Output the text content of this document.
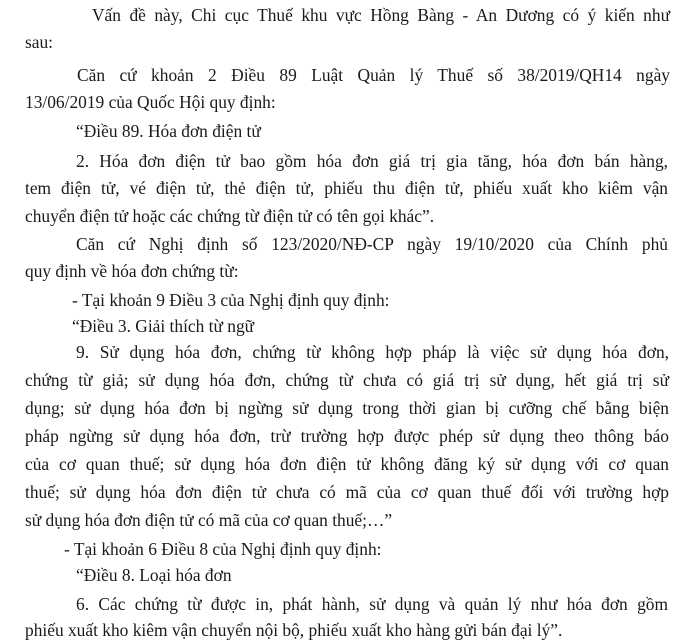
Vấn đề này, Chi cục Thuế khu vực Hồng Bàng - An Dương có ý kiến như
sau:
Căn cứ khoản 2 Điều 89 Luật Quản lý Thuế số 38/2019/QH14 ngày
13/06/2019 của Quốc Hội quy định:
“Điều 89. Hóa đơn điện tử
2. Hóa đơn điện tử bao gồm hóa đơn giá trị gia tăng, hóa đơn bán hàng,
tem điện tử, vé điện tử, thẻ điện tử, phiếu thu điện tử, phiếu xuất kho kiêm vận
chuyển điện tử hoặc các chứng từ điện tử có tên gọi khác”.
Căn cứ Nghị định số 123/2020/NĐ-CP ngày 19/10/2020 của Chính phủ
quy định về hóa đơn chứng từ:
- Tại khoản 9 Điều 3 của Nghị định quy định:
“Điều 3. Giải thích từ ngữ
9. Sử dụng hóa đơn, chứng từ không hợp pháp là việc sử dụng hóa đơn,
chứng từ giả; sử dụng hóa đơn, chứng từ chưa có giá trị sử dụng, hết giá trị sử
dụng; sử dụng hóa đơn bị ngừng sử dụng trong thời gian bị cưỡng chế bằng biện
pháp ngừng sử dụng hóa đơn, trừ trường hợp được phép sử dụng theo thông báo
của cơ quan thuế; sử dụng hóa đơn điện tử không đăng ký sử dụng với cơ quan
thuế; sử dụng hóa đơn điện tử chưa có mã của cơ quan thuế đối với trường hợp
sử dụng hóa đơn điện tử có mã của cơ quan thuế;…”
- Tại khoản 6 Điều 8 của Nghị định quy định:
“Điều 8. Loại hóa đơn
6. Các chứng từ được in, phát hành, sử dụng và quản lý như hóa đơn gồm
phiếu xuất kho kiêm vận chuyển nội bộ, phiếu xuất kho hàng gửi bán đại lý”.
